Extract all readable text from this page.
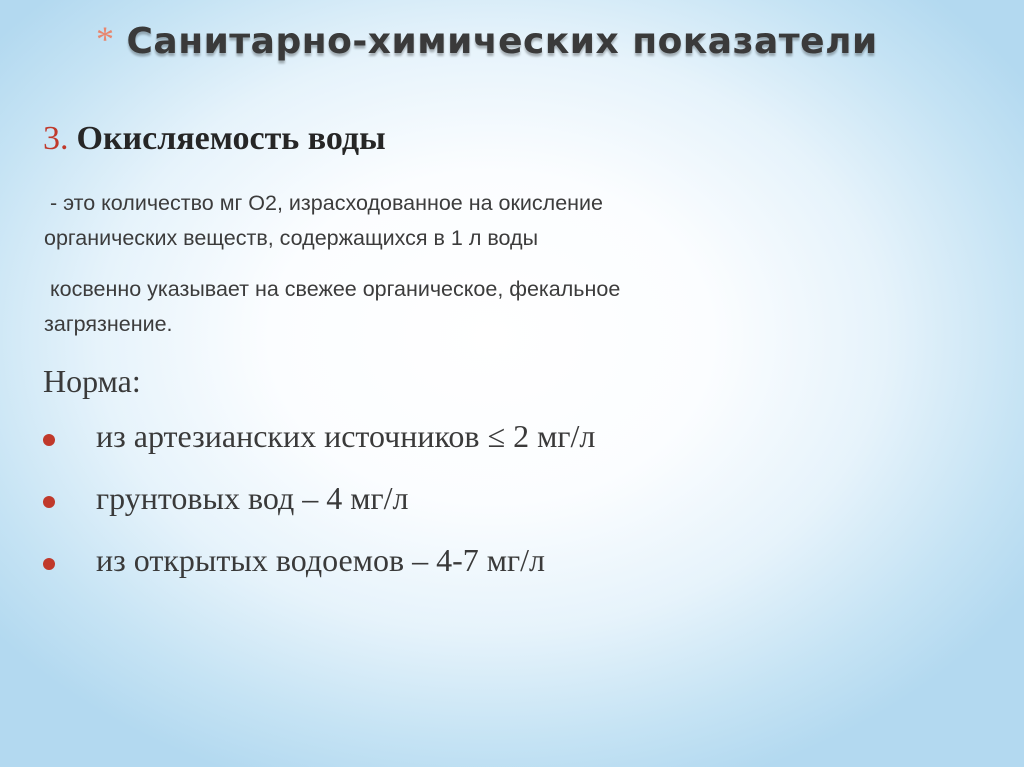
* Санитарно-химических показатели
3. Окисляемость воды
- это количество мг О2, израсходованное на окисление
органических веществ, содержащихся в 1 л воды
косвенно указывает на свежее органическое, фекальное
загрязнение.
Норма:
из артезианских источников ≤ 2 мг/л
грунтовых вод – 4 мг/л
из открытых водоемов – 4-7 мг/л
